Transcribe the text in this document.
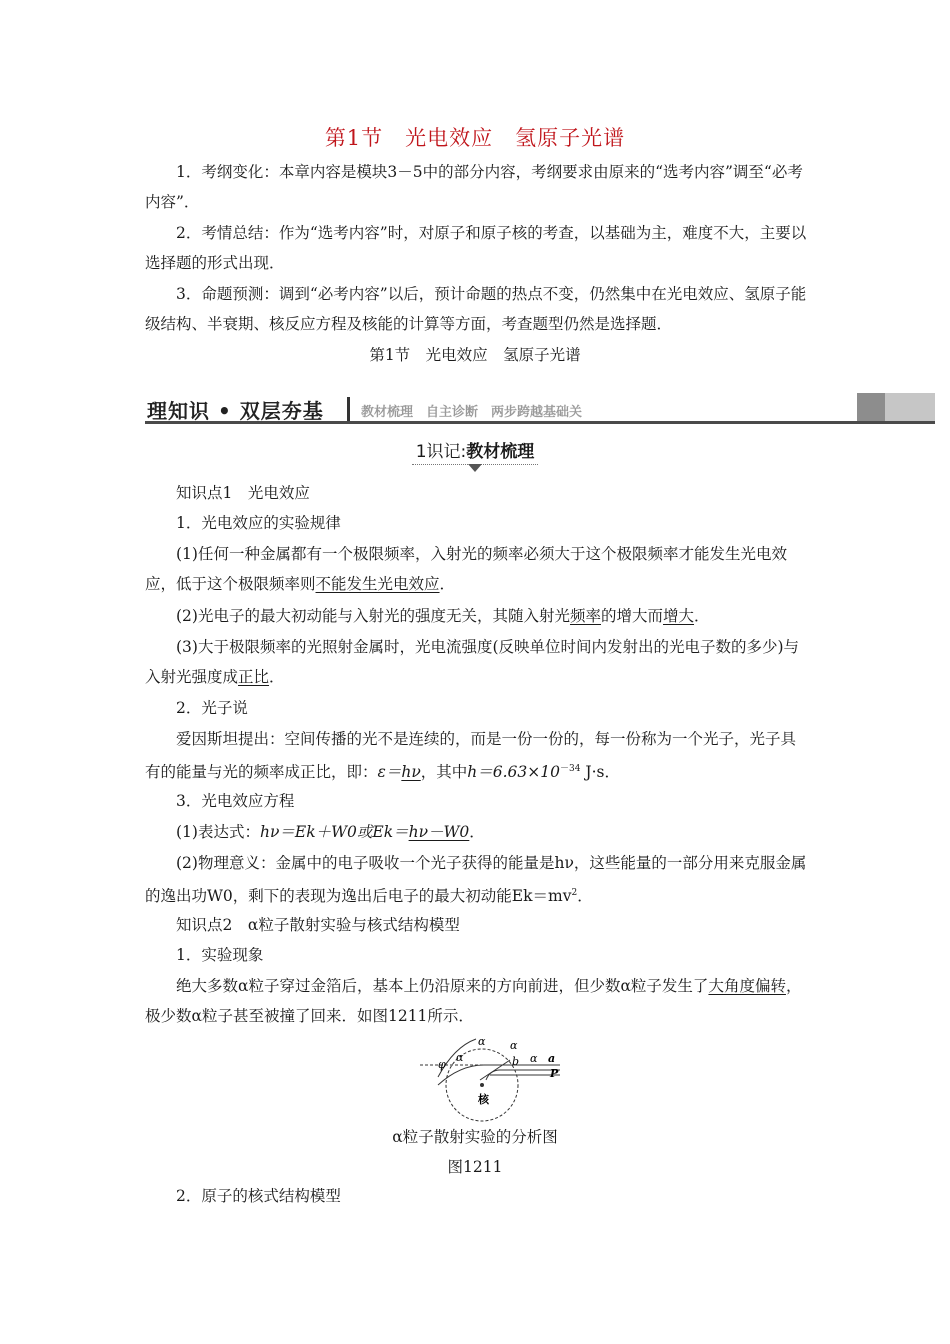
第1节　光电效应　氢原子光谱
1．考纲变化：本章内容是模块3－5中的部分内容，考纲要求由原来的“选考内容”调至“必考内容”．
2．考情总结：作为“选考内容”时，对原子和原子核的考查，以基础为主，难度不大，主要以选择题的形式出现．
3．命题预测：调到“必考内容”以后，预计命题的热点不变，仍然集中在光电效应、氢原子能级结构、半衰期、核反应方程及核能的计算等方面，考查题型仍然是选择题．
第1节　光电效应　氢原子光谱
理知识 • 双层夯基	教材梳理　自主诊断　两步跨越基础关
1识记:教材梳理
知识点1　光电效应
1．光电效应的实验规律
(1)任何一种金属都有一个极限频率，入射光的频率必须大于这个极限频率才能发生光电效应，低于这个极限频率则不能发生光电效应．
(2)光电子的最大初动能与入射光的强度无关，其随入射光频率的增大而增大．
(3)大于极限频率的光照射金属时，光电流强度(反映单位时间内发射出的光电子数的多少)与入射光强度成正比．
2．光子说
爱因斯坦提出：空间传播的光不是连续的，而是一份一份的，每一份称为一个光子，光子具有的能量与光的频率成正比，即：ε＝hν，其中$h=6.63\times 10^{-34}$ J·s．
3．光电效应方程
(1)表达式：hν＝Ek＋W0或Ek＝hν－W0．
(2)物理意义：金属中的电子吸收一个光子获得的能量是hν，这些能量的一部分用来克服金属的逸出功W0，剩下的表现为逸出后电子的最大初动能$Ek=mv^2$．
知识点2　α粒子散射实验与核式结构模型
1．实验现象
绝大多数α粒子穿过金箔后，基本上仍沿原来的方向前进，但少数α粒子发生了大角度偏转，极少数α粒子甚至被撞了回来．如图1211所示．
φ
α
α α
b α a
P
核
α粒子散射实验的分析图
图1211
2．原子的核式结构模型
